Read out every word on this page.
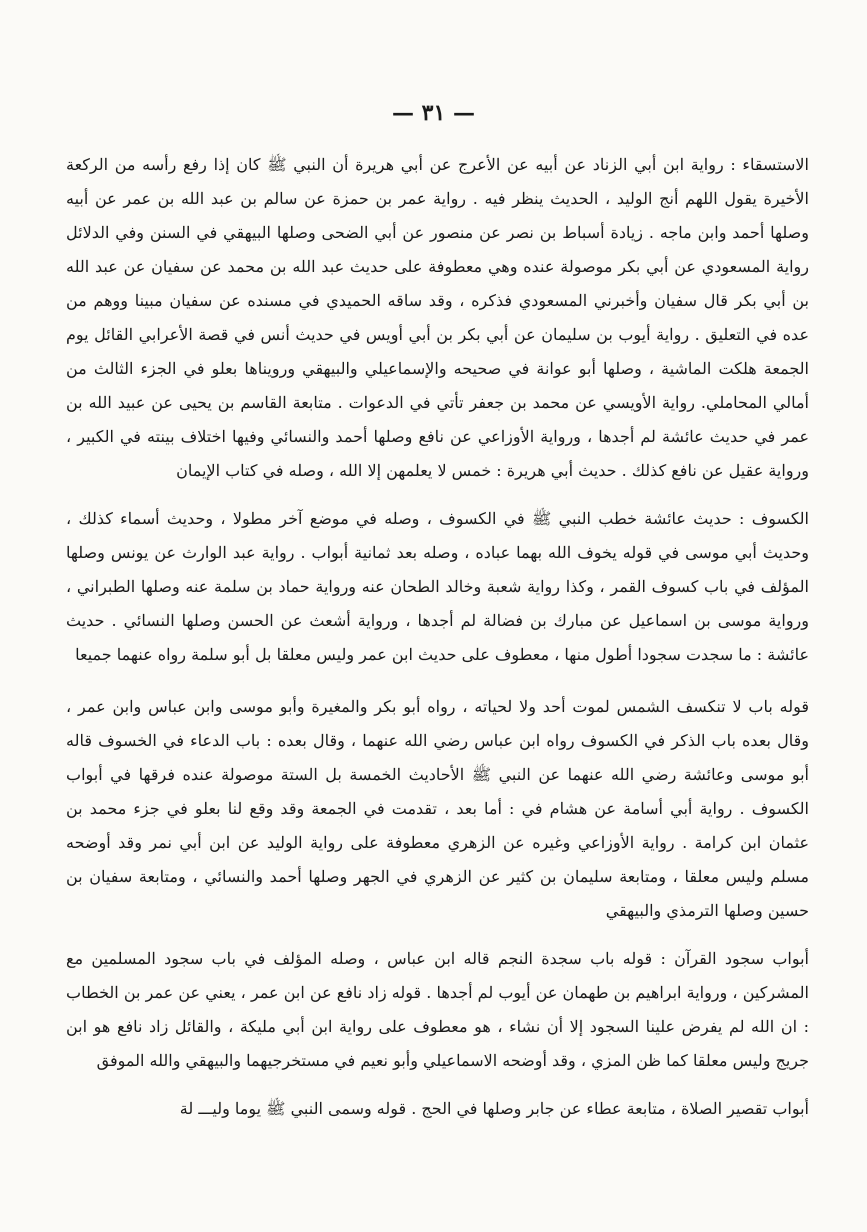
— ٣١ —

الاستسقاء : رواية ابن أبي الزناد عن أبيه عن الأعرج عن أبي هريرة أن النبي ﷺ كان إذا رفع رأسه من الركعة الأخيرة يقول اللهم أنج الوليد ، الحديث ينظر فيه . رواية عمر بن حمزة عن سالم بن عبد الله بن عمر عن أبيه وصلها أحمد وابن ماجه . زيادة أسباط بن نصر عن منصور عن أبي الضحى وصلها البيهقي في السنن وفي الدلائل رواية المسعودي عن أبي بكر موصولة عنده وهي معطوفة على حديث عبد الله بن محمد عن سفيان عن عبد الله بن أبي بكر قال سفيان وأخبرني المسعودي فذكره ، وقد ساقه الحميدي في مسنده عن سفيان مبينا ووهم من عده في التعليق . رواية أيوب بن سليمان عن أبي بكر بن أبي أويس في حديث أنس في قصة الأعرابي القائل يوم الجمعة هلكت الماشية ، وصلها أبو عوانة في صحيحه والإسماعيلي والبيهقي ورويناها بعلو في الجزء الثالث من أمالي المحاملي. رواية الأويسي عن محمد بن جعفر تأتي في الدعوات . متابعة القاسم بن يحيى عن عبيد الله بن عمر في حديث عائشة لم أجدها ، ورواية الأوزاعي عن نافع وصلها أحمد والنسائي وفيها اختلاف بينته في الكبير ، ورواية عقيل عن نافع كذلك . حديث أبي هريرة : خمس لا يعلمهن إلا الله ، وصله في كتاب الإيمان

الكسوف : حديث عائشة خطب النبي ﷺ في الكسوف ، وصله في موضع آخر مطولا ، وحديث أسماء كذلك ، وحديث أبي موسى في قوله يخوف الله بهما عباده ، وصله بعد ثمانية أبواب . رواية عبد الوارث عن يونس وصلها المؤلف في باب كسوف القمر ، وكذا رواية شعبة وخالد الطحان عنه ورواية حماد بن سلمة عنه وصلها الطبراني ، ورواية موسى بن اسماعيل عن مبارك بن فضالة لم أجدها ، ورواية أشعث عن الحسن وصلها النسائي . حديث عائشة : ما سجدت سجودا أطول منها ، معطوف على حديث ابن عمر وليس معلقا بل أبو سلمة رواه عنهما جميعا

قوله باب لا تنكسف الشمس لموت أحد ولا لحياته ، رواه أبو بكر والمغيرة وأبو موسى وابن عباس وابن عمر ، وقال بعده باب الذكر في الكسوف رواه ابن عباس رضي الله عنهما ، وقال بعده : باب الدعاء في الخسوف قاله أبو موسى وعائشة رضي الله عنهما عن النبي ﷺ الأحاديث الخمسة بل الستة موصولة عنده فرقها في أبواب الكسوف . رواية أبي أسامة عن هشام في : أما بعد ، تقدمت في الجمعة وقد وقع لنا بعلو في جزء محمد بن عثمان ابن كرامة . رواية الأوزاعي وغيره عن الزهري معطوفة على رواية الوليد عن ابن أبي نمر وقد أوضحه مسلم وليس معلقا ، ومتابعة سليمان بن كثير عن الزهري في الجهر وصلها أحمد والنسائي ، ومتابعة سفيان بن حسين وصلها الترمذي والبيهقي

أبواب سجود القرآن : قوله باب سجدة النجم قاله ابن عباس ، وصله المؤلف في باب سجود المسلمين مع المشركين ، ورواية ابراهيم بن طهمان عن أيوب لم أجدها . قوله زاد نافع عن ابن عمر ، يعني عن عمر بن الخطاب : ان الله لم يفرض علينا السجود إلا أن نشاء ، هو معطوف على رواية ابن أبي مليكة ، والقائل زاد نافع هو ابن جريج وليس معلقا كما ظن المزي ، وقد أوضحه الاسماعيلي وأبو نعيم في مستخرجيهما والبيهقي والله الموفق

أبواب تقصير الصلاة ، متابعة عطاء عن جابر وصلها في الحج . قوله وسمى النبي ﷺ يوما وليـــ لة
